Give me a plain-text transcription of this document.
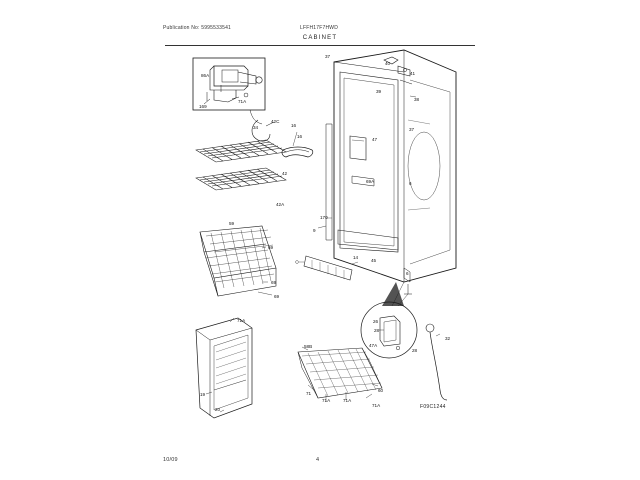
Publication No: 5995533541	LFFH17F7HWD
CABINET
F09C1244
10/09	4
86A
169
71A
42C
34	16
16
42
42A
59
69
69
69
37
40
41
38
37
39
47
69A	6
170
9
14
45
6
26
28
47A
28
32
71A
19
20
58B
71A	71A
71
60
71A
